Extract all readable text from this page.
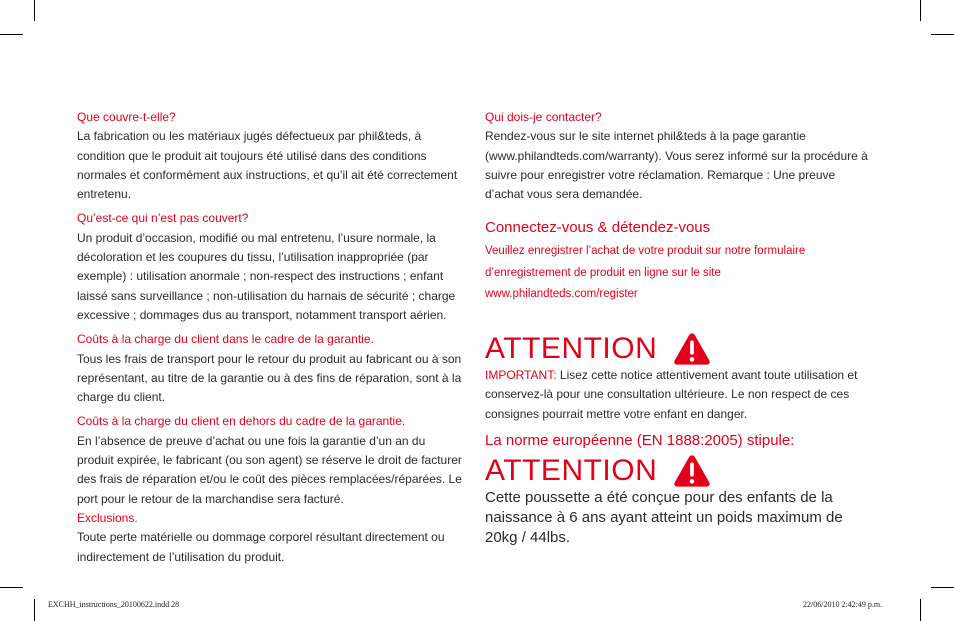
Que couvre-t-elle?

La fabrication ou les matériaux jugés défectueux par phil&teds, à condition que le produit ait toujours été utilisé dans des conditions normales et conformément aux instructions, et qu’il ait été correctement entretenu.

Qu’est-ce qui n’est pas couvert?

Un produit d’occasion, modifié ou mal entretenu, l’usure normale, la décoloration et les coupures du tissu, l’utilisation inappropriée (par exemple) : utilisation anormale ; non-respect des instructions ; enfant laissé sans surveillance ; non-utilisation du harnais de sécurité ; charge excessive ; dommages dus au transport, notamment transport aérien.

Coûts à la charge du client dans le cadre de la garantie.

Tous les frais de transport pour le retour du produit au fabricant ou à son représentant, au titre de la garantie ou à des fins de réparation, sont à la charge du client.

Coûts à la charge du client en dehors du cadre de la garantie.

En l’absence de preuve d’achat ou une fois la garantie d’un an du produit expirée, le fabricant (ou son agent) se réserve le droit de facturer des frais de réparation et/ou le coût des pièces remplacées/réparées. Le port pour le retour de la marchandise sera facturé.

Exclusions.

Toute perte matérielle ou dommage corporel résultant directement ou indirectement de l’utilisation du produit.

Qui dois-je contacter?

Rendez-vous sur le site internet phil&teds à la page garantie (www.philandteds.com/warranty). Vous serez informé sur la procédure à suivre pour enregistrer votre réclamation. Remarque : Une preuve d’achat vous sera demandée.

Connectez-vous & détendez-vous

Veuillez enregistrer l’achat de votre produit sur notre formulaire d’enregistrement de produit en ligne sur le site www.philandteds.com/register

ATTENTION

IMPORTANT: Lisez cette notice attentivement avant toute utilisation et conservez-là pour une consultation ultérieure. Le non respect de ces consignes pourrait mettre votre enfant en danger.

La norme européenne (EN 1888:2005) stipule:

ATTENTION

Cette poussette a été conçue pour des enfants de la naissance à 6 ans ayant atteint un poids maximum de 20kg / 44lbs.

EXCHH_instructions_20100622.indd 28	22/06/2010 2:42:49 p.m.
